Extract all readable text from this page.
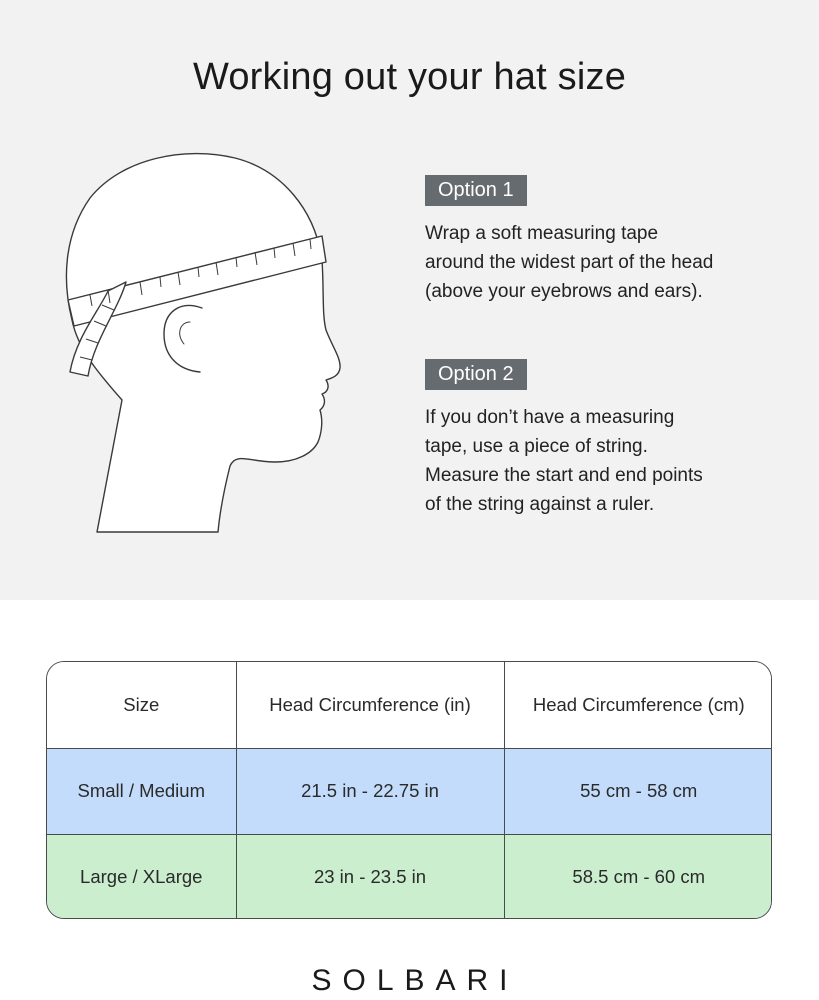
Working out your hat size
Option 1

Wrap a soft measuring tape
around the widest part of the head
(above your eyebrows and ears).

Option 2

If you don’t have a measuring
tape, use a piece of string.
Measure the start and end points
of the string against a ruler.

Size	Head Circumference (in)	Head Circumference (cm)
Small / Medium	21.5 in - 22.75 in	55 cm - 58 cm
Large / XLarge	23 in - 23.5 in	58.5 cm - 60 cm
SOLBARI
